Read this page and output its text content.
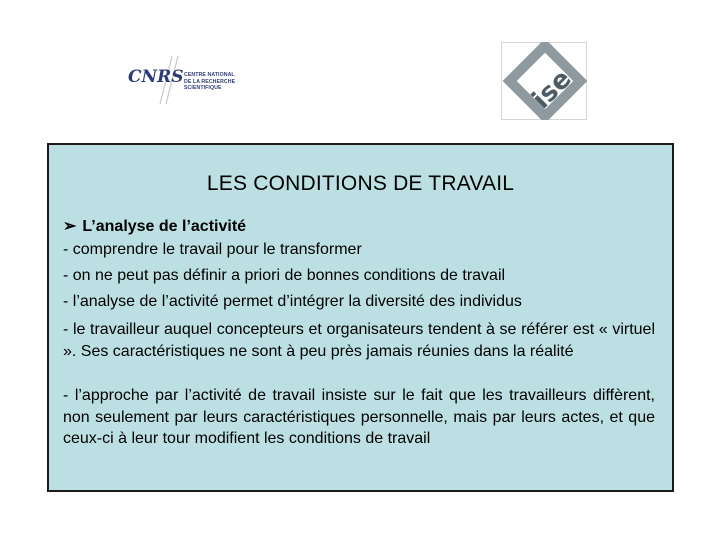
CNRS CENTRE NATIONAL
DE LA RECHERCHE
SCIENTIFIQUE	ise
LES CONDITIONS DE TRAVAIL
➢ L’analyse de l’activité
- comprendre le travail pour le transformer
- on ne peut pas définir a priori de bonnes conditions de travail
- l’analyse de l’activité permet d’intégrer la diversité des individus
- le travailleur auquel concepteurs et organisateurs tendent à se référer est « virtuel ». Ses caractéristiques ne sont à peu près jamais réunies dans la réalité
- l’approche par l’activité de travail insiste sur le fait que les travailleurs diffèrent, non seulement par leurs caractéristiques personnelle, mais par leurs actes, et que ceux-ci à leur tour modifient les conditions de travail
